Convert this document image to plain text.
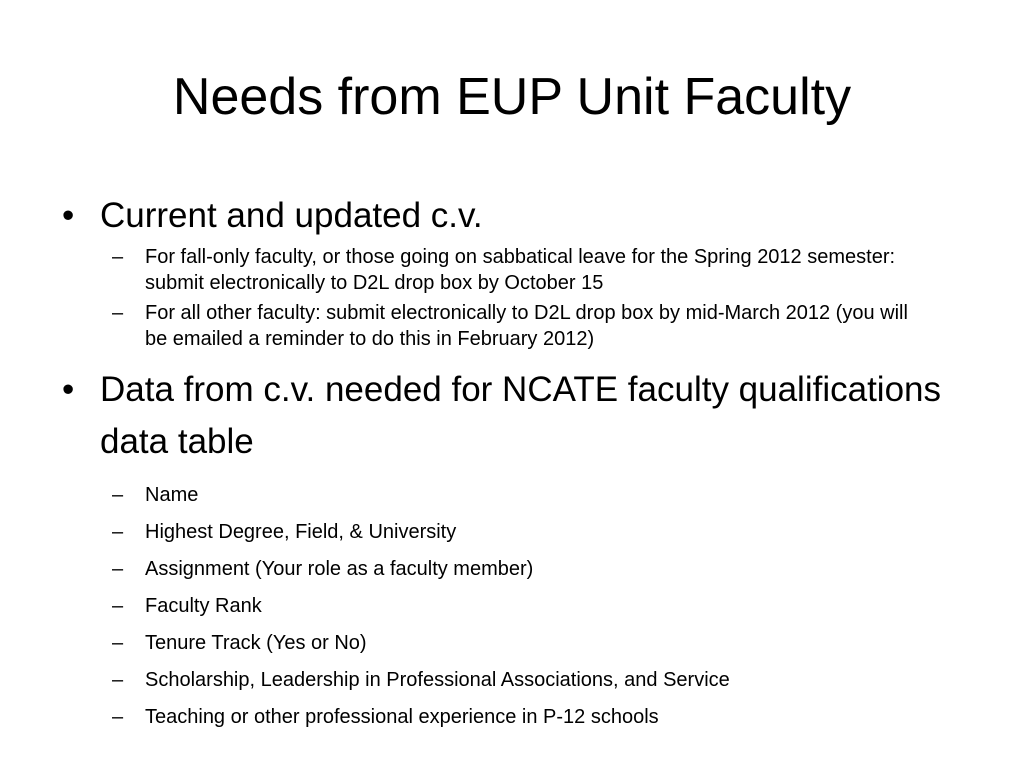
Needs from EUP Unit Faculty
• Current and updated c.v.
– For fall-only faculty, or those going on sabbatical leave for the Spring 2012 semester: submit electronically to D2L drop box by October 15
– For all other faculty: submit electronically to D2L drop box by mid-March 2012 (you will be emailed a reminder to do this in February 2012)
• Data from c.v. needed for NCATE faculty qualifications data table
– Name
– Highest Degree, Field, & University
– Assignment (Your role as a faculty member)
– Faculty Rank
– Tenure Track (Yes or No)
– Scholarship, Leadership in Professional Associations, and Service
– Teaching or other professional experience in P-12 schools
